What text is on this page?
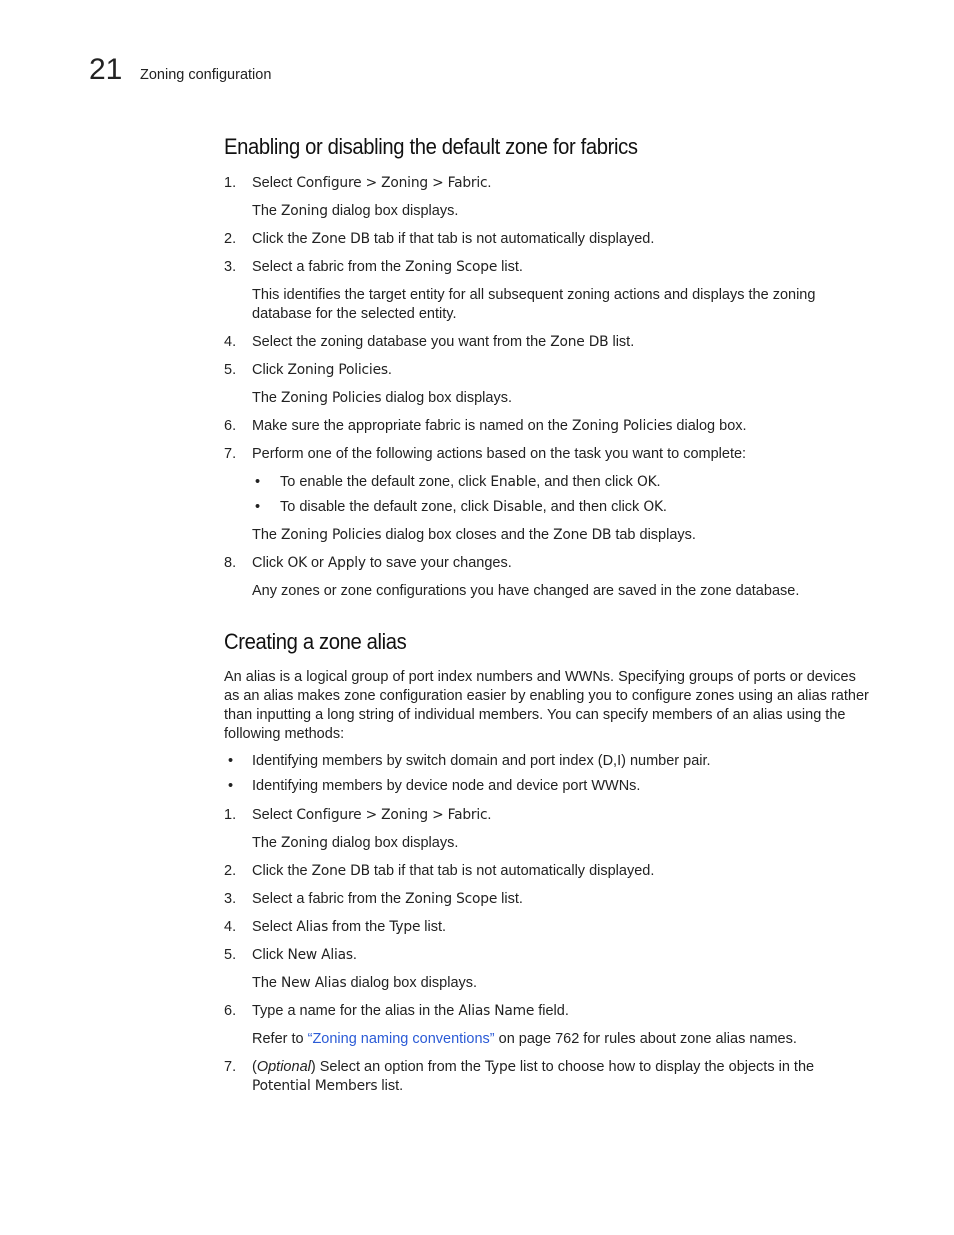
21 Zoning configuration
Enabling or disabling the default zone for fabrics
1.	Select Configure > Zoning > Fabric.
The Zoning dialog box displays.
2.	Click the Zone DB tab if that tab is not automatically displayed.
3.	Select a fabric from the Zoning Scope list.
This identifies the target entity for all subsequent zoning actions and displays the zoning database for the selected entity.
4.	Select the zoning database you want from the Zone DB list.
5.	Click Zoning Policies.
The Zoning Policies dialog box displays.
6.	Make sure the appropriate fabric is named on the Zoning Policies dialog box.
7.	Perform one of the following actions based on the task you want to complete:
•	To enable the default zone, click Enable, and then click OK.
•	To disable the default zone, click Disable, and then click OK.
The Zoning Policies dialog box closes and the Zone DB tab displays.
8.	Click OK or Apply to save your changes.
Any zones or zone configurations you have changed are saved in the zone database.
Creating a zone alias
An alias is a logical group of port index numbers and WWNs. Specifying groups of ports or devices as an alias makes zone configuration easier by enabling you to configure zones using an alias rather than inputting a long string of individual members. You can specify members of an alias using the following methods:
•	Identifying members by switch domain and port index (D,I) number pair.
•	Identifying members by device node and device port WWNs.
1.	Select Configure > Zoning > Fabric.
The Zoning dialog box displays.
2.	Click the Zone DB tab if that tab is not automatically displayed.
3.	Select a fabric from the Zoning Scope list.
4.	Select Alias from the Type list.
5.	Click New Alias.
The New Alias dialog box displays.
6.	Type a name for the alias in the Alias Name field.
Refer to “Zoning naming conventions” on page 762 for rules about zone alias names.
7.	(Optional) Select an option from the Type list to choose how to display the objects in the Potential Members list.
